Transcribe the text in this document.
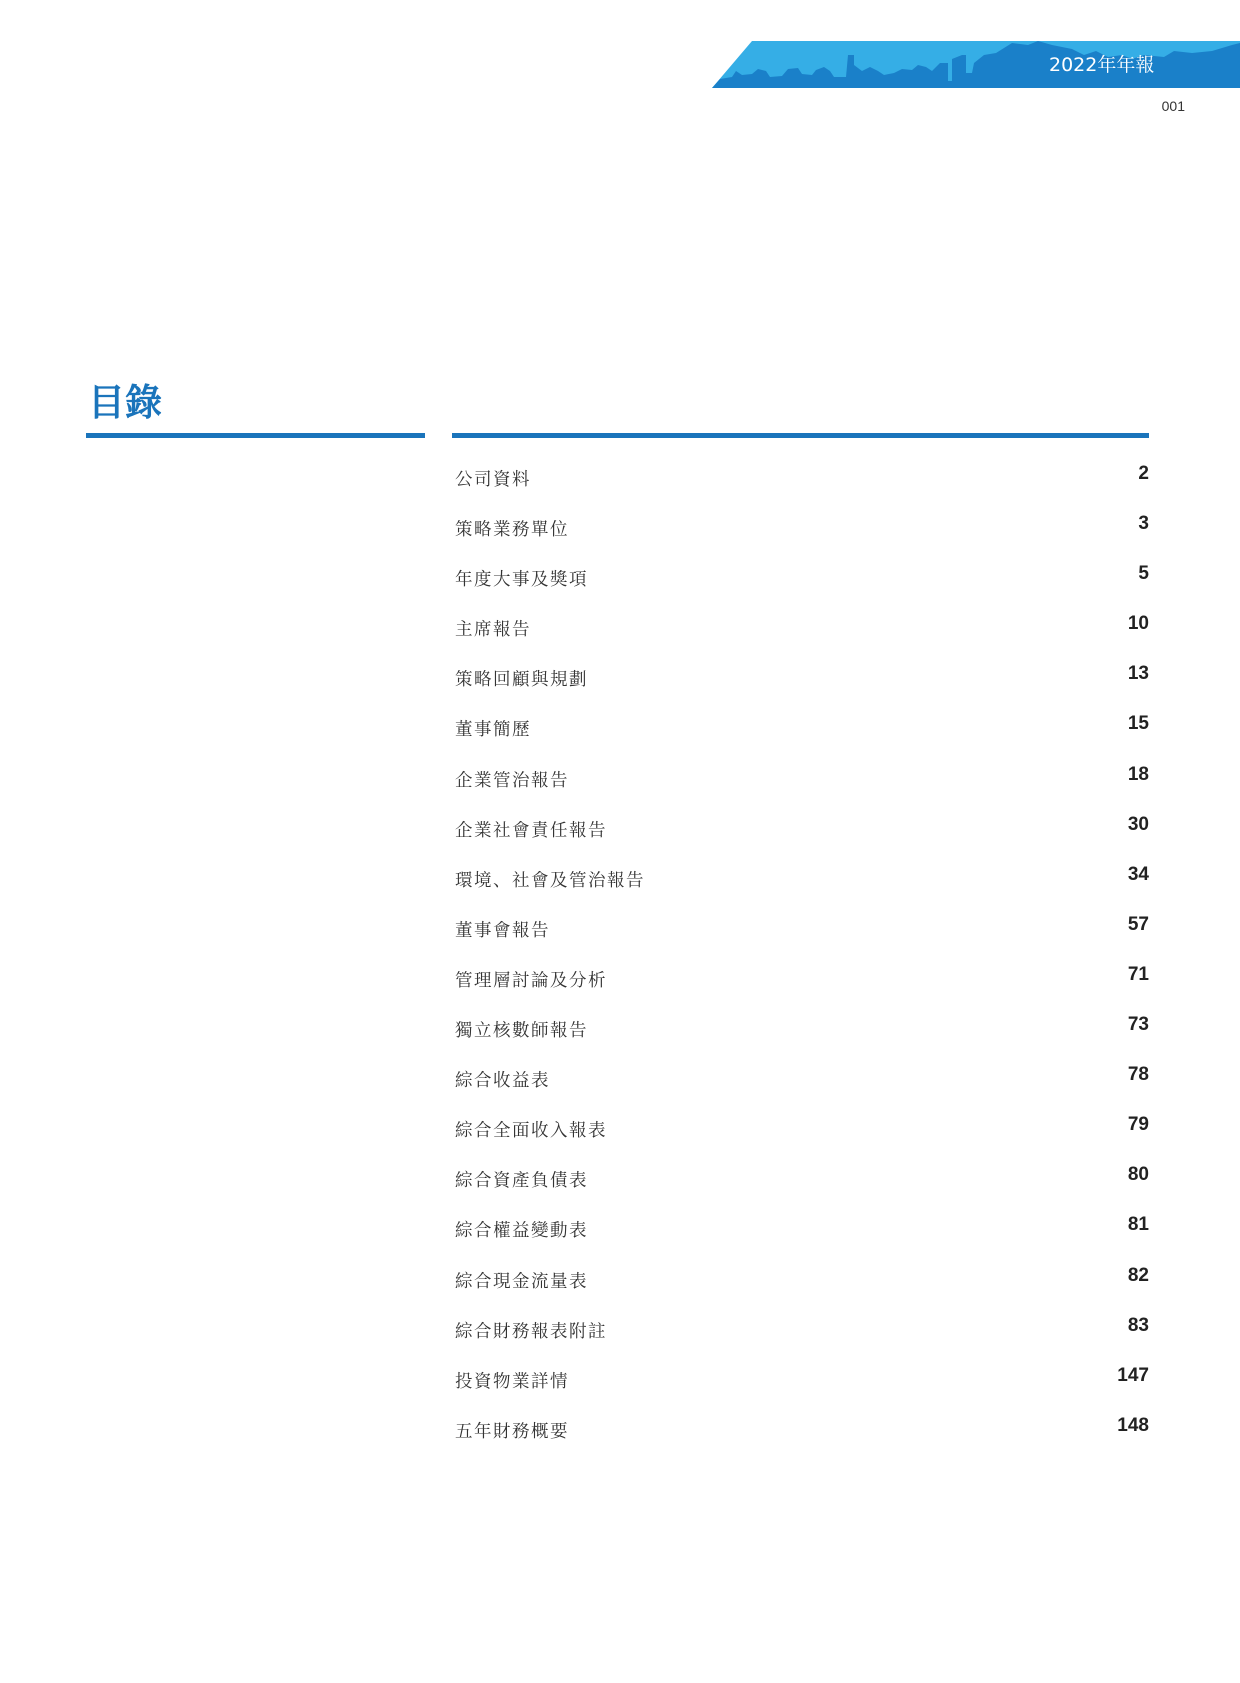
2022年年報
001
目錄
公司資料	2
策略業務單位	3
年度大事及獎項	5
主席報告	10
策略回顧與規劃	13
董事簡歷	15
企業管治報告	18
企業社會責任報告	30
環境、社會及管治報告	34
董事會報告	57
管理層討論及分析	71
獨立核數師報告	73
綜合收益表	78
綜合全面收入報表	79
綜合資產負債表	80
綜合權益變動表	81
綜合現金流量表	82
綜合財務報表附註	83
投資物業詳情	147
五年財務概要	148
